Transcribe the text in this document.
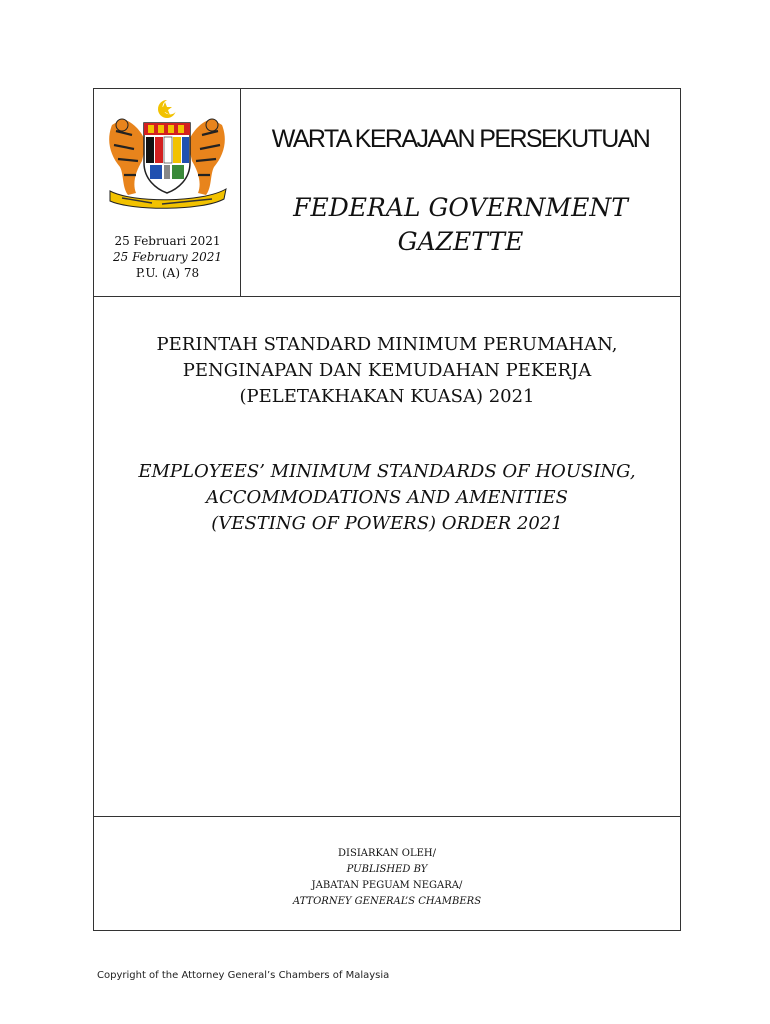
25 Februari 2021
25 February 2021
P.U. (A) 78
WARTA KERAJAAN PERSEKUTUAN
FEDERAL GOVERNMENT
GAZETTE
PERINTAH STANDARD MINIMUM PERUMAHAN,
PENGINAPAN DAN KEMUDAHAN PEKERJA
(PELETAKHAKAN KUASA) 2021
EMPLOYEES’ MINIMUM STANDARDS OF HOUSING,
ACCOMMODATIONS AND AMENITIES
(VESTING OF POWERS) ORDER 2021
DISIARKAN OLEH/
PUBLISHED BY
JABATAN PEGUAM NEGARA/
ATTORNEY GENERAL’S CHAMBERS
Copyright of the Attorney General’s Chambers of Malaysia
